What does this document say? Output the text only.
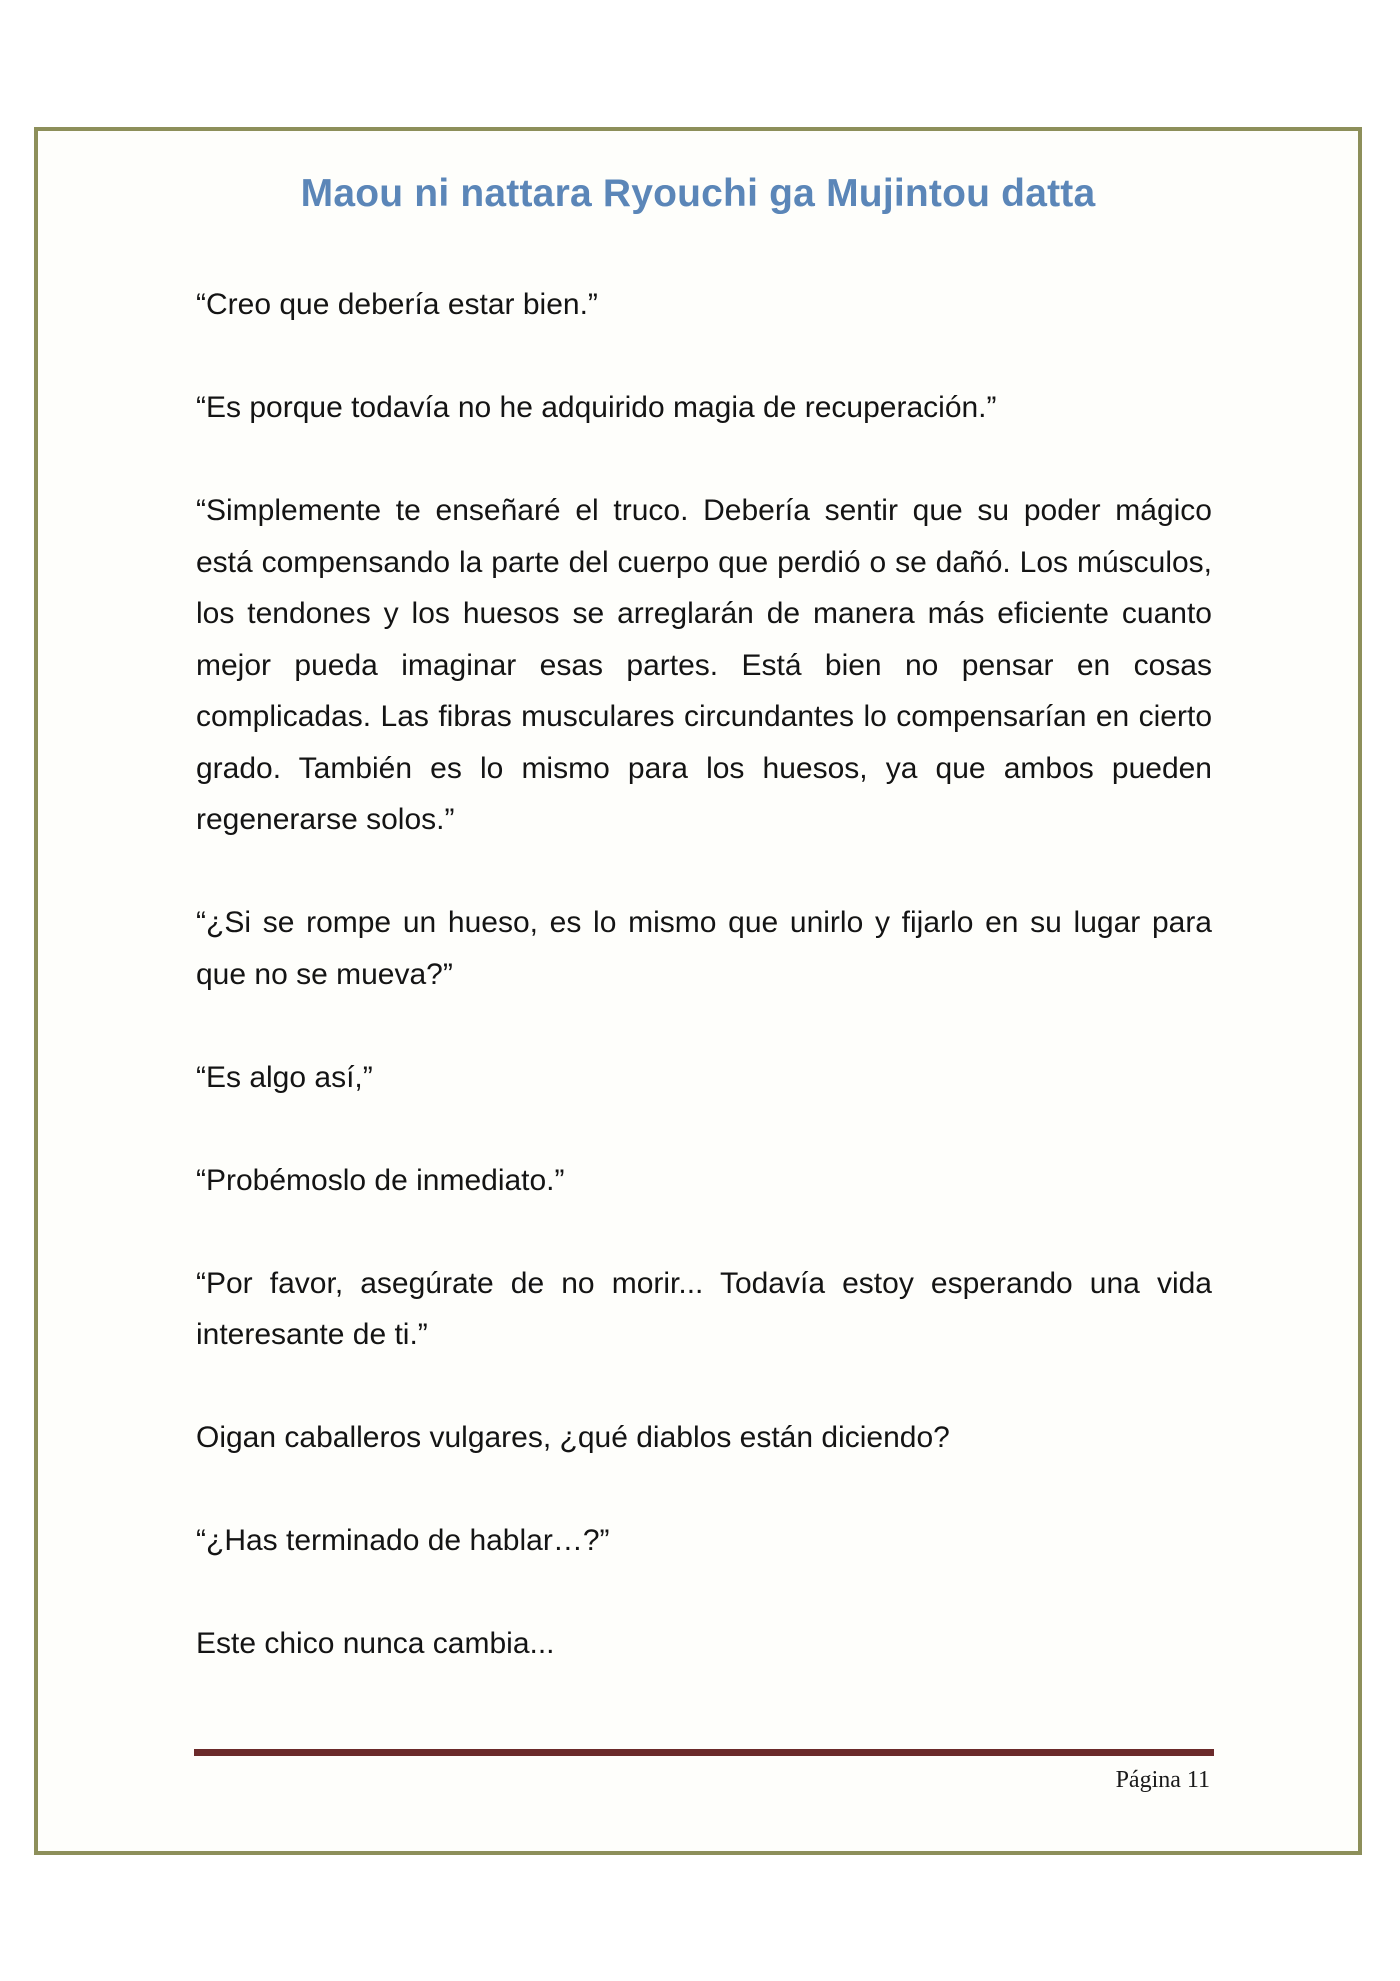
Maou ni nattara Ryouchi ga Mujintou datta

“Creo que debería estar bien.”

“Es porque todavía no he adquirido magia de recuperación.”

“Simplemente te enseñaré el truco. Debería sentir que su poder mágico está compensando la parte del cuerpo que perdió o se dañó. Los músculos, los tendones y los huesos se arreglarán de manera más eficiente cuanto mejor pueda imaginar esas partes. Está bien no pensar en cosas complicadas. Las fibras musculares circundantes lo compensarían en cierto grado. También es lo mismo para los huesos, ya que ambos pueden regenerarse solos.”

“¿Si se rompe un hueso, es lo mismo que unirlo y fijarlo en su lugar para que no se mueva?”

“Es algo así,”

“Probémoslo de inmediato.”

“Por favor, asegúrate de no morir... Todavía estoy esperando una vida interesante de ti.”

Oigan caballeros vulgares, ¿qué diablos están diciendo?

“¿Has terminado de hablar…?”

Este chico nunca cambia...

Página 11
